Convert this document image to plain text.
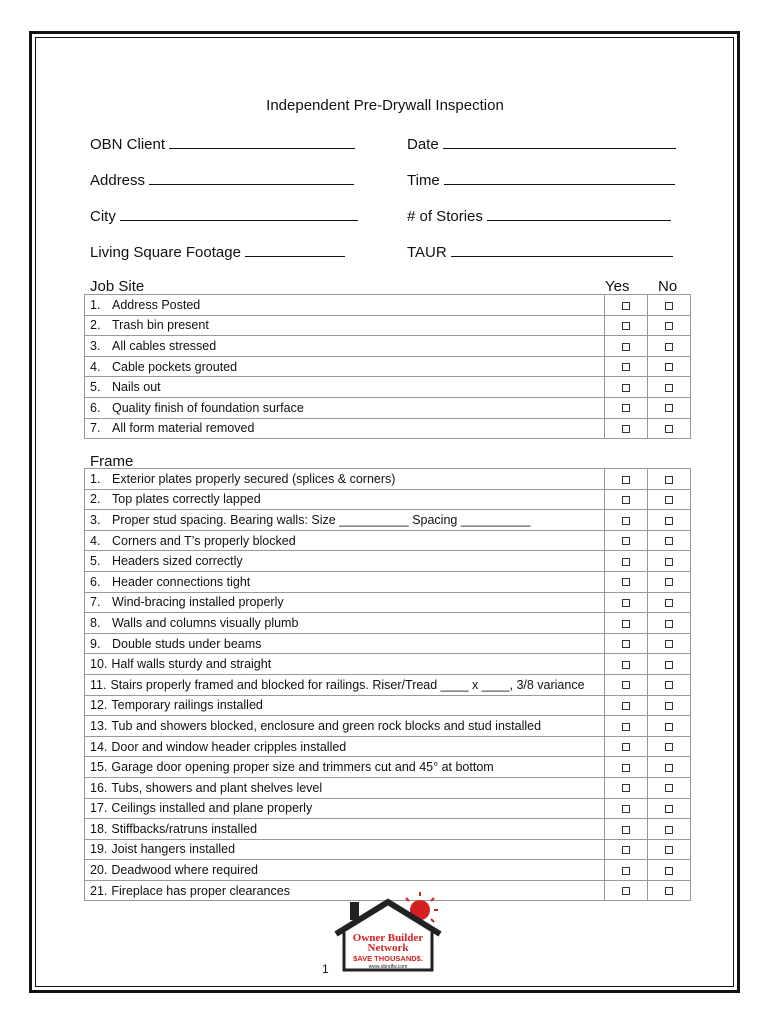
Independent Pre-Drywall Inspection
OBN Client	Date
Address	Time
City	# of Stories
Living Square Footage	TAUR
Job Site	Yes No
1. Address Posted		
2. Trash bin present		
3. All cables stressed		
4. Cable pockets grouted		
5. Nails out		
6. Quality finish of foundation surface		
7. All form material removed		
Frame
1. Exterior plates properly secured (splices & corners)		
2. Top plates correctly lapped		
3. Proper stud spacing. Bearing walls: Size __________ Spacing __________		
4. Corners and T’s properly blocked		
5. Headers sized correctly		
6. Header connections tight		
7. Wind-bracing installed properly		
8. Walls and columns visually plumb		
9. Double studs under beams		
10. Half walls sturdy and straight		
11. Stairs properly framed and blocked for railings. Riser/Tread ____ x ____, 3/8 variance		
12. Temporary railings installed		
13. Tub and showers blocked, enclosure and green rock blocks and stud installed		
14. Door and window header cripples installed		
15. Garage door opening proper size and trimmers cut and 45° at bottom		
16. Tubs, showers and plant shelves level		
17. Ceilings installed and plane properly		
18. Stiffbacks/ratruns installed		
19. Joist hangers installed		
20. Deadwood where required		
21. Fireplace has proper clearances		
Owner Builder
Network
$AVE THOUSAND$.
www.obndfw.com
1
